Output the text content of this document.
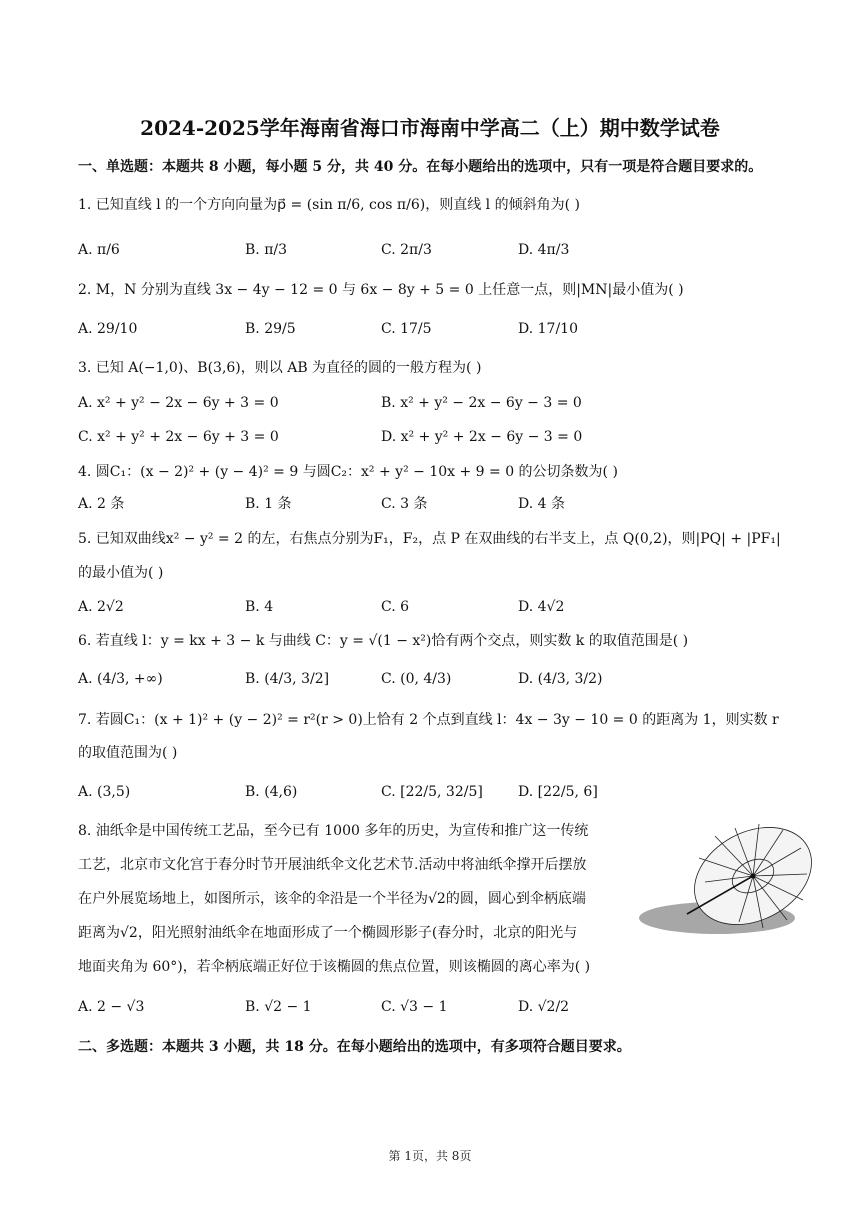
2024-2025学年海南省海口市海南中学高二（上）期中数学试卷
一、单选题：本题共 8 小题，每小题 5 分，共 40 分。在每小题给出的选项中，只有一项是符合题目要求的。
1. 已知直线 l 的一个方向向量为p⃗ = (sin π/6, cos π/6)，则直线 l 的倾斜角为( )
A. π/6	B. π/3	C. 2π/3	D. 4π/3
2. M，N 分别为直线 3x − 4y − 12 = 0 与 6x − 8y + 5 = 0 上任意一点，则|MN|最小值为( )
A. 29/10	B. 29/5	C. 17/5	D. 17/10
3. 已知 A(−1,0)、B(3,6)，则以 AB 为直径的圆的一般方程为( )
A. x² + y² − 2x − 6y + 3 = 0	B. x² + y² − 2x − 6y − 3 = 0
C. x² + y² + 2x − 6y + 3 = 0	D. x² + y² + 2x − 6y − 3 = 0
4. 圆C₁：(x − 2)² + (y − 4)² = 9 与圆C₂：x² + y² − 10x + 9 = 0 的公切条数为( )
A. 2 条	B. 1 条	C. 3 条	D. 4 条
5. 已知双曲线x² − y² = 2 的左，右焦点分别为F₁，F₂，点 P 在双曲线的右半支上，点 Q(0,2)，则|PQ| + |PF₁|
的最小值为( )
A. 2√2	B. 4	C. 6	D. 4√2
6. 若直线 l：y = kx + 3 − k 与曲线 C：y = √(1 − x²)恰有两个交点，则实数 k 的取值范围是( )
A. (4/3, +∞)	B. (4/3, 3/2]	C. (0, 4/3)	D. (4/3, 3/2)
7. 若圆C₁：(x + 1)² + (y − 2)² = r²(r > 0)上恰有 2 个点到直线 l：4x − 3y − 10 = 0 的距离为 1，则实数 r
的取值范围为( )
A. (3,5)	B. (4,6)	C. [22/5, 32/5]	D. [22/5, 6]
8. 油纸伞是中国传统工艺品，至今已有 1000 多年的历史，为宣传和推广这一传统
工艺，北京市文化宫于春分时节开展油纸伞文化艺术节.活动中将油纸伞撑开后摆放
在户外展览场地上，如图所示，该伞的伞沿是一个半径为√2的圆，圆心到伞柄底端
距离为√2，阳光照射油纸伞在地面形成了一个椭圆形影子(春分时，北京的阳光与
地面夹角为 60°)，若伞柄底端正好位于该椭圆的焦点位置，则该椭圆的离心率为( )
A. 2 − √3	B. √2 − 1	C. √3 − 1	D. √2/2
二、多选题：本题共 3 小题，共 18 分。在每小题给出的选项中，有多项符合题目要求。
第 1页，共 8页
